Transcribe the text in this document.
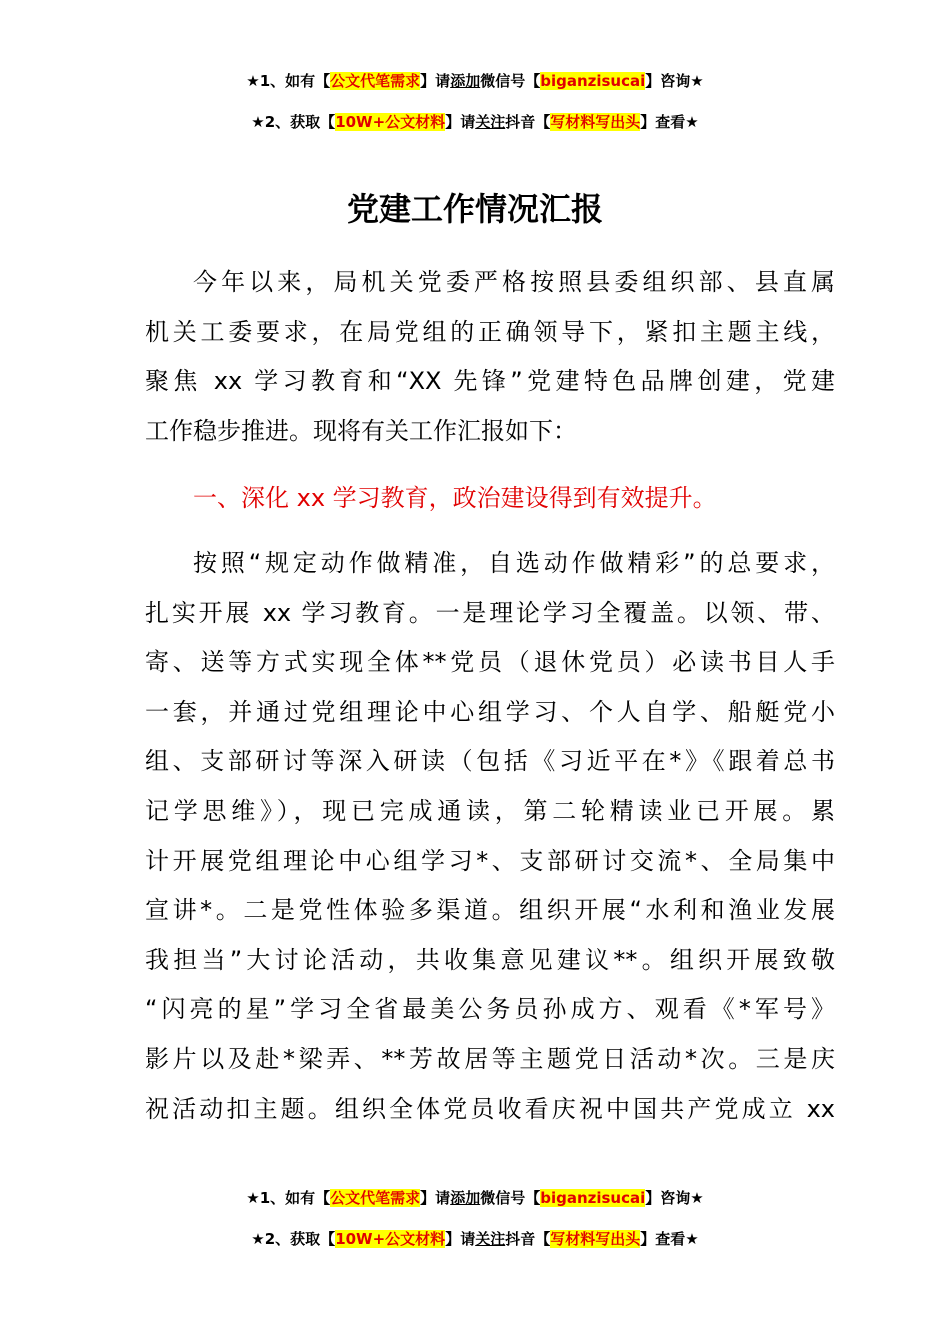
★1、如有【公文代笔需求】请添加微信号【biganzisucai】咨询★
★2、获取【10W+公文材料】请关注抖音【写材料写出头】查看★
党建工作情况汇报
今年以来，局机关党委严格按照县委组织部、县直属
机关工委要求，在局党组的正确领导下，紧扣主题主线，
聚焦 xx 学习教育和“XX 先锋”党建特色品牌创建，党建
工作稳步推进。现将有关工作汇报如下：

一、深化 xx 学习教育，政治建设得到有效提升。

按照“规定动作做精准，自选动作做精彩”的总要求，
扎实开展 xx 学习教育。一是理论学习全覆盖。以领、带、
寄、送等方式实现全体**党员（退休党员）必读书目人手
一套，并通过党组理论中心组学习、个人自学、船艇党小
组、支部研讨等深入研读（包括《习近平在*》《跟着总书
记学思维》），现已完成通读，第二轮精读业已开展。累
计开展党组理论中心组学习*、支部研讨交流*、全局集中
宣讲*。二是党性体验多渠道。组织开展“水利和渔业发展
我担当”大讨论活动，共收集意见建议**。组织开展致敬
“闪亮的星”学习全省最美公务员孙成方、观看《*军号》
影片以及赴*梁弄、**芳故居等主题党日活动*次。三是庆
祝活动扣主题。组织全体党员收看庆祝中国共产党成立 xx
★1、如有【公文代笔需求】请添加微信号【biganzisucai】咨询★
★2、获取【10W+公文材料】请关注抖音【写材料写出头】查看★
